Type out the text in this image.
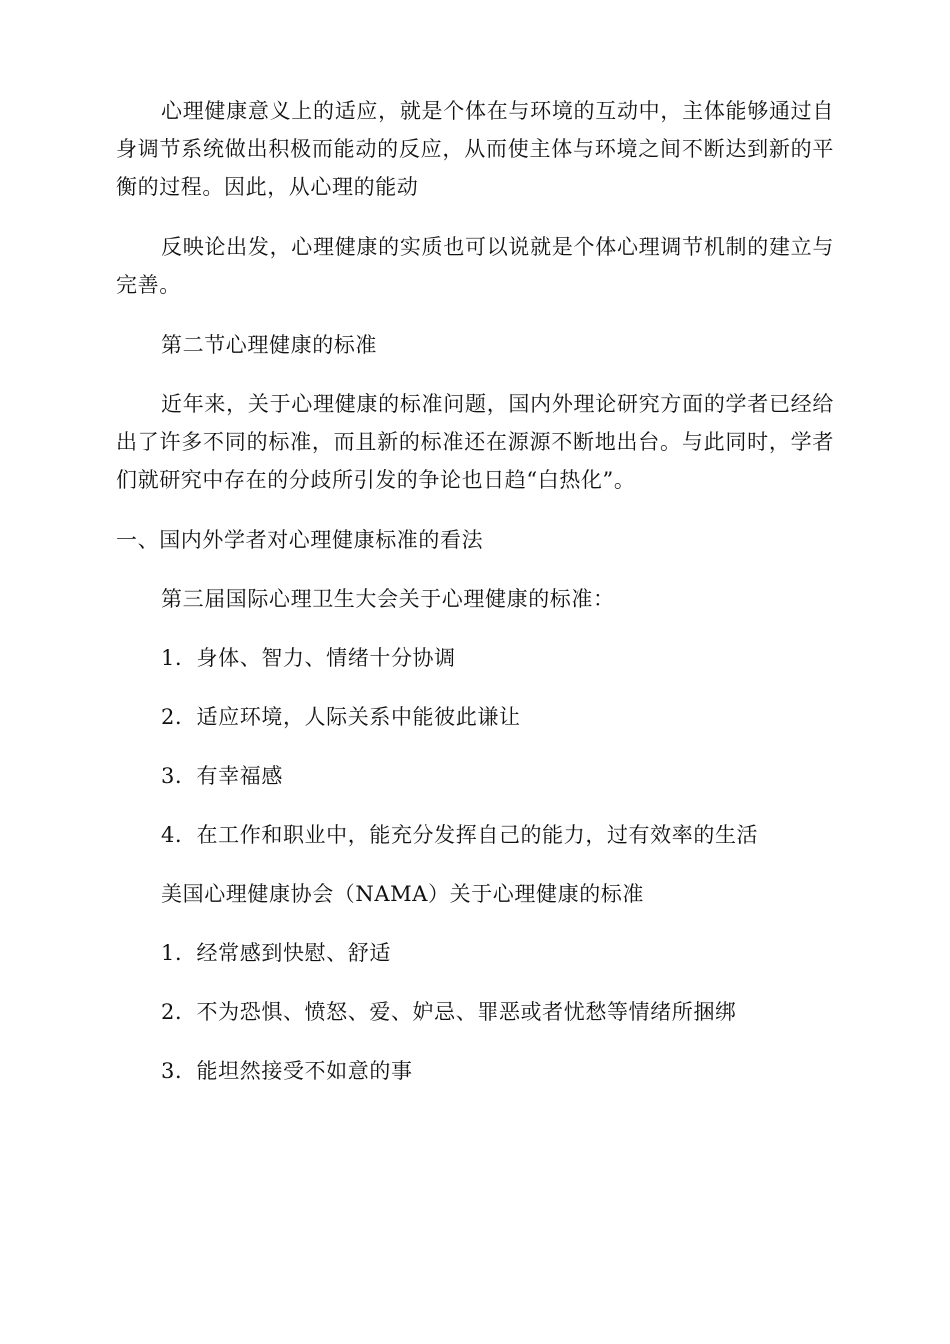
心理健康意义上的适应，就是个体在与环境的互动中，主体能够通过自身调节系统做出积极而能动的反应，从而使主体与环境之间不断达到新的平衡的过程。因此，从心理的能动

反映论出发，心理健康的实质也可以说就是个体心理调节机制的建立与完善。

第二节心理健康的标准

近年来，关于心理健康的标准问题，国内外理论研究方面的学者已经给出了许多不同的标准，而且新的标准还在源源不断地出台。与此同时，学者们就研究中存在的分歧所引发的争论也日趋“白热化”。

一、国内外学者对心理健康标准的看法

第三届国际心理卫生大会关于心理健康的标准：

1．身体、智力、情绪十分协调

2．适应环境，人际关系中能彼此谦让

3．有幸福感

4．在工作和职业中，能充分发挥自己的能力，过有效率的生活

美国心理健康协会（NAMA）关于心理健康的标准

1．经常感到快慰、舒适

2．不为恐惧、愤怒、爱、妒忌、罪恶或者忧愁等情绪所捆绑

3．能坦然接受不如意的事
